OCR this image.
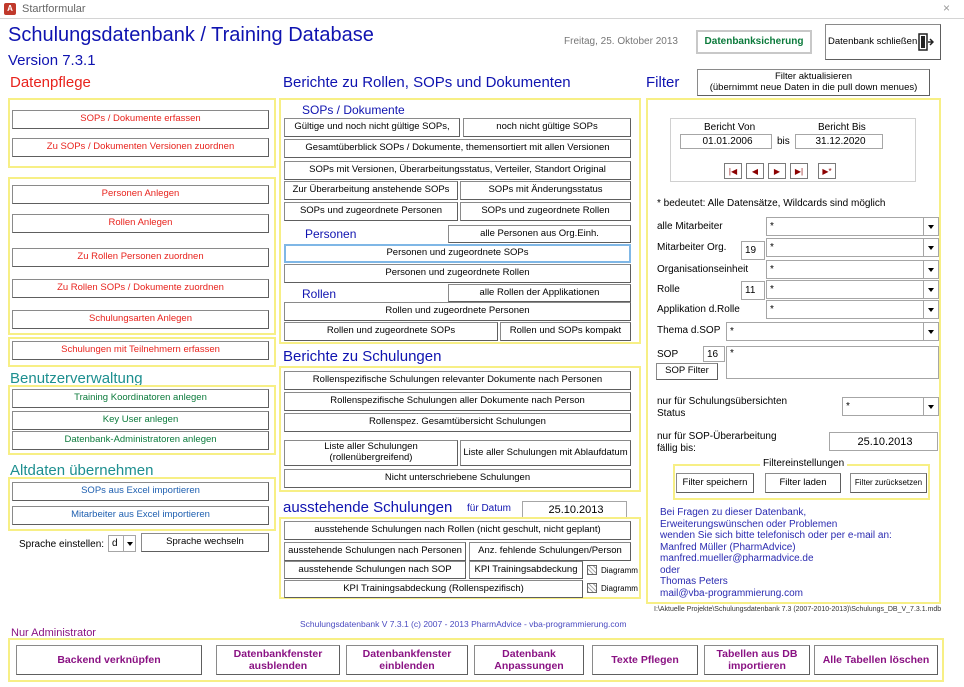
A Startformular	×
Schulungsdatenbank / Training Database
Version 7.3.1
Freitag, 25. Oktober 2013	Datenbanksicherung	Datenbank schließen
Datenpflege
SOPs / Dokumente erfassen
Zu SOPs / Dokumenten Versionen zuordnen
Personen Anlegen
Rollen Anlegen
Zu Rollen Personen zuordnen
Zu Rollen SOPs / Dokumente zuordnen
Schulungsarten Anlegen
Schulungen mit Teilnehmern erfassen
Benutzerverwaltung
Training Koordinatoren anlegen
Key User anlegen
Datenbank-Administratoren anlegen
Altdaten übernehmen
SOPs aus Excel importieren
Mitarbeiter aus Excel importieren
Sprache einstellen: d	Sprache wechseln
Berichte zu Rollen, SOPs und Dokumenten
SOPs / Dokumente
Gültige und noch nicht gültige SOPs,	noch nicht gültige SOPs
Gesamtüberblick SOPs / Dokumente, themensortiert mit allen Versionen
SOPs mit Versionen, Überarbeitungsstatus, Verteiler, Standort Original
Zur Überarbeitung anstehende SOPs	SOPs mit Änderungsstatus
SOPs und zugeordnete Personen	SOPs und zugeordnete Rollen
Personen	alle Personen aus Org.Einh.
Personen und zugeordnete SOPs
Personen und zugeordnete Rollen
Rollen	alle Rollen der Applikationen
Rollen und zugeordnete Personen
Rollen und zugeordnete SOPs	Rollen und SOPs kompakt
Berichte zu Schulungen
Rollenspezifische Schulungen relevanter Dokumente nach Personen
Rollenspezifische Schulungen aller Dokumente nach Person
Rollenspez. Gesamtübersicht Schulungen
Liste aller Schulungen (rollenübergreifend)	Liste aller Schulungen mit Ablaufdatum
Nicht unterschriebene Schulungen
ausstehende Schulungen für Datum	25.10.2013
ausstehende Schulungen nach Rollen (nicht geschult, nicht geplant)
ausstehende Schulungen nach Personen	Anz. fehlende Schulungen/Person
ausstehende Schulungen nach SOP	KPI Trainingsabdeckung	Diagramm
KPI Trainingsabdeckung (Rollenspezifisch)	Diagramm
Schulungsdatenbank V 7.3.1 (c) 2007 - 2013 PharmAdvice - vba-programmierung.com
Filter	Filter aktualisieren
(übernimmt neue Daten in die pull down menues)
Bericht Von	Bericht Bis
01.01.2006	bis	31.12.2020
|◀	◀	▶	▶|	▶*
* bedeutet: Alle Datensätze, Wildcards sind möglich
alle Mitarbeiter	*
Mitarbeiter Org.	19	*
Organisationseinheit *
Rolle	11	*
Applikation d.Rolle	*
Thema d.SOP *
SOP	16	*
SOP Filter
nur für Schulungsübersichten
Status
*
nur für SOP-Überarbeitung
fällig bis:
25.10.2013
Filtereinstellungen
Filter speichern	Filter laden	Filter zurücksetzen
Bei Fragen zu dieser Datenbank,
Erweiterungswünschen oder Problemen
wenden Sie sich bitte telefonisch oder per e-mail an:
Manfred Müller (PharmAdvice)
manfred.mueller@pharmadvice.de
oder
Thomas Peters
mail@vba-programmierung.com
I:\Aktuelle Projekte\Schulungsdatenbank 7.3 (2007-2010-2013)\Schulungs_DB_V_7.3.1.mdb
Nur Administrator
Backend verknüpfen
Datenbankfenster ausblenden
Datenbankfenster einblenden
Datenbank Anpassungen
Texte Pflegen
Tabellen aus DB importieren
Alle Tabellen löschen
